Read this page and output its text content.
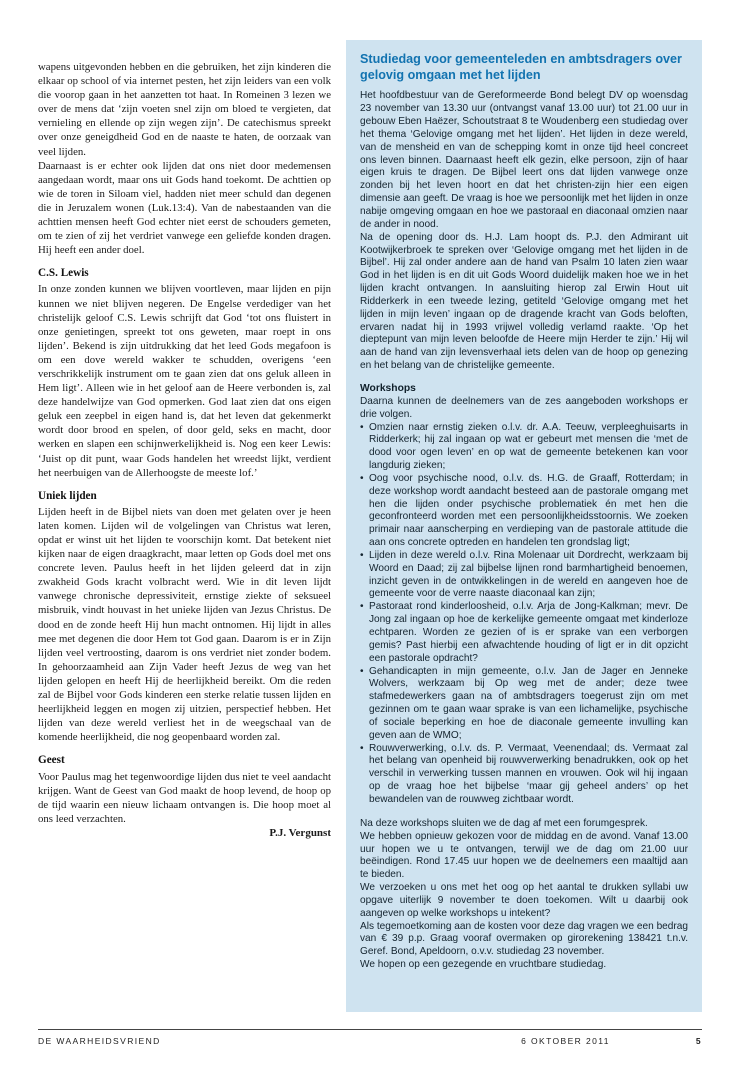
wapens uitgevonden hebben en die gebruiken, het zijn kinderen die elkaar op school of via internet pesten, het zijn leiders van een volk die voorop gaan in het aanzetten tot haat. In Romeinen 3 lezen we over de mens dat ‘zijn voeten snel zijn om bloed te vergieten, dat vernieling en ellende op zijn wegen zijn’. De catechismus spreekt over onze geneigdheid God en de naaste te haten, de oorzaak van veel lijden.

Daarnaast is er echter ook lijden dat ons niet door medemensen aangedaan wordt, maar ons uit Gods hand toekomt. De achttien op wie de toren in Siloam viel, hadden niet meer schuld dan degenen die in Jeruzalem wonen (Luk.13:4). Van de nabestaanden van die achttien mensen heeft God echter niet eerst de schouders gemeten, om te zien of zij het verdriet vanwege een geliefde konden dragen. Hij heeft een ander doel.

C.S. Lewis

In onze zonden kunnen we blijven voortleven, maar lijden en pijn kunnen we niet blijven negeren. De Engelse verdediger van het christelijk geloof C.S. Lewis schrijft dat God ‘tot ons fluistert in onze genietingen, spreekt tot ons geweten, maar roept in ons lijden’. Bekend is zijn uitdrukking dat het leed Gods megafoon is om een dove wereld wakker te schudden, overigens ‘een verschrikkelijk instrument om te gaan zien dat ons geluk alleen in Hem ligt’. Alleen wie in het geloof aan de Heere verbonden is, zal deze handelwijze van God opmerken. God laat zien dat ons eigen geluk een zeepbel in eigen hand is, dat het leven dat gekenmerkt wordt door brood en spelen, of door geld, seks en macht, door werken en slapen een schijnwerkelijkheid is. Nog een keer Lewis: ‘Juist op dit punt, waar Gods handelen het wreedst lijkt, verdient het neerbuigen van de Allerhoogste de meeste lof.’

Uniek lijden

Lijden heeft in de Bijbel niets van doen met gelaten over je heen laten komen. Lijden wil de volgelingen van Christus wat leren, opdat er winst uit het lijden te voorschijn komt. Dat betekent niet kijken naar de eigen draagkracht, maar letten op Gods doel met ons concrete leven. Paulus heeft in het lijden geleerd dat in zijn zwakheid Gods kracht volbracht werd. Wie in dit leven lijdt vanwege chronische depressiviteit, ernstige ziekte of seksueel misbruik, vindt houvast in het unieke lijden van Jezus Christus. De dood en de zonde heeft Hij hun macht ontnomen. Hij lijdt in alles mee met degenen die door Hem tot God gaan. Daarom is er in Zijn lijden veel vertroosting, daarom is ons verdriet niet zonder bodem. In gehoorzaamheid aan Zijn Vader heeft Jezus de weg van het lijden gelopen en heeft Hij de heerlijkheid bereikt. Om die reden zal de Bijbel voor Gods kinderen een sterke relatie tussen lijden en heerlijkheid leggen en mogen zij uitzien, perspectief hebben. Het lijden van deze wereld verliest het in de weegschaal van de komende heerlijkheid, die nog geopenbaard worden zal.

Geest

Voor Paulus mag het tegenwoordige lijden dus niet te veel aandacht krijgen. Want de Geest van God maakt de hoop levend, de hoop op de tijd waarin een nieuw lichaam ontvangen is. Die hoop moet al ons leed verzachten.

P.J. Vergunst

Studiedag voor gemeenteleden en ambtsdragers over gelovig omgaan met het lijden

Het hoofdbestuur van de Gereformeerde Bond belegt DV op woensdag 23 november van 13.30 uur (ontvangst vanaf 13.00 uur) tot 21.00 uur in gebouw Eben Haëzer, Schoutstraat 8 te Woudenberg een studiedag over het thema ‘Gelovige omgang met het lijden’. Het lijden in deze wereld, van de mensheid en van de schepping komt in onze tijd heel concreet ons leven binnen. Daarnaast heeft elk gezin, elke persoon, zijn of haar eigen kruis te dragen. De Bijbel leert ons dat lijden vanwege onze zonden bij het leven hoort en dat het christen-zijn hier een eigen dimensie aan geeft. De vraag is hoe we persoonlijk met het lijden in onze nabije omgeving omgaan en hoe we pastoraal en diaconaal omzien naar de ander in nood.

Na de opening door ds. H.J. Lam hoopt ds. P.J. den Admirant uit Kootwijkerbroek te spreken over ‘Gelovige omgang met het lijden in de Bijbel’. Hij zal onder andere aan de hand van Psalm 10 laten zien waar God in het lijden is en dit uit Gods Woord duidelijk maken hoe we in het lijden kracht ontvangen. In aansluiting hierop zal Erwin Hout uit Ridderkerk in een tweede lezing, getiteld ‘Gelovige omgang met het lijden in mijn leven’ ingaan op de dragende kracht van Gods beloften, ervaren nadat hij in 1993 vrijwel volledig verlamd raakte. ‘Op het dieptepunt van mijn leven beloofde de Heere mijn Herder te zijn.’ Hij wil aan de hand van zijn levensverhaal iets delen van de hoop op genezing en het belang van de christelijke gemeente.

Workshops

Daarna kunnen de deelnemers van de zes aangeboden workshops er drie volgen.

• Omzien naar ernstig zieken o.l.v. dr. A.A. Teeuw, verpleeghuisarts in Ridderkerk; hij zal ingaan op wat er gebeurt met mensen die ‘met de dood voor ogen leven’ en op wat de gemeente betekenen kan voor langdurig zieken;
• Oog voor psychische nood, o.l.v. ds. H.G. de Graaff, Rotterdam; in deze workshop wordt aandacht besteed aan de pastorale omgang met hen die lijden onder psychische problematiek én met hen die geconfronteerd worden met een persoonlijkheidsstoornis. We zoeken primair naar aanscherping en verdieping van de pastorale attitude die aan ons concrete optreden en handelen ten grondslag ligt;
• Lijden in deze wereld o.l.v. Rina Molenaar uit Dordrecht, werkzaam bij Woord en Daad; zij zal bijbelse lijnen rond barmhartigheid benoemen, inzicht geven in de ontwikkelingen in de wereld en aangeven hoe de gemeente voor de verre naaste diaconaal kan zijn;
• Pastoraat rond kinderloosheid, o.l.v. Arja de Jong-Kalkman; mevr. De Jong zal ingaan op hoe de kerkelijke gemeente omgaat met kinderloze echtparen. Worden ze gezien of is er sprake van een verborgen gemis? Past hierbij een afwachtende houding of ligt er in dit opzicht een pastorale opdracht?
• Gehandicapten in mijn gemeente, o.l.v. Jan de Jager en Jenneke Wolvers, werkzaam bij Op weg met de ander; deze twee stafmedewerkers gaan na of ambtsdragers toegerust zijn om met gezinnen om te gaan waar sprake is van een lichamelijke, psychische of sociale beperking en hoe de diaconale gemeente invulling kan geven aan de WMO;
• Rouwverwerking, o.l.v. ds. P. Vermaat, Veenendaal; ds. Vermaat zal het belang van openheid bij rouwverwerking benadrukken, ook op het verschil in verwerking tussen mannen en vrouwen. Ook wil hij ingaan op de vraag hoe het bijbelse ‘maar gij geheel anders’ op het bewandelen van de rouwweg zichtbaar wordt.

Na deze workshops sluiten we de dag af met een forumgesprek.

We hebben opnieuw gekozen voor de middag en de avond. Vanaf 13.00 uur hopen we u te ontvangen, terwijl we de dag om 21.00 uur beëindigen. Rond 17.45 uur hopen we de deelnemers een maaltijd aan te bieden.

We verzoeken u ons met het oog op het aantal te drukken syllabi uw opgave uiterlijk 9 november te doen toekomen. Wilt u daarbij ook aangeven op welke workshops u intekent?

Als tegemoetkoming aan de kosten voor deze dag vragen we een bedrag van € 39 p.p. Graag vooraf overmaken op girorekening 138421 t.n.v. Geref. Bond, Apeldoorn, o.v.v. studiedag 23 november.

We hopen op een gezegende en vruchtbare studiedag.

DE WAARHEIDSVRIEND	6 OKTOBER 2011	5
